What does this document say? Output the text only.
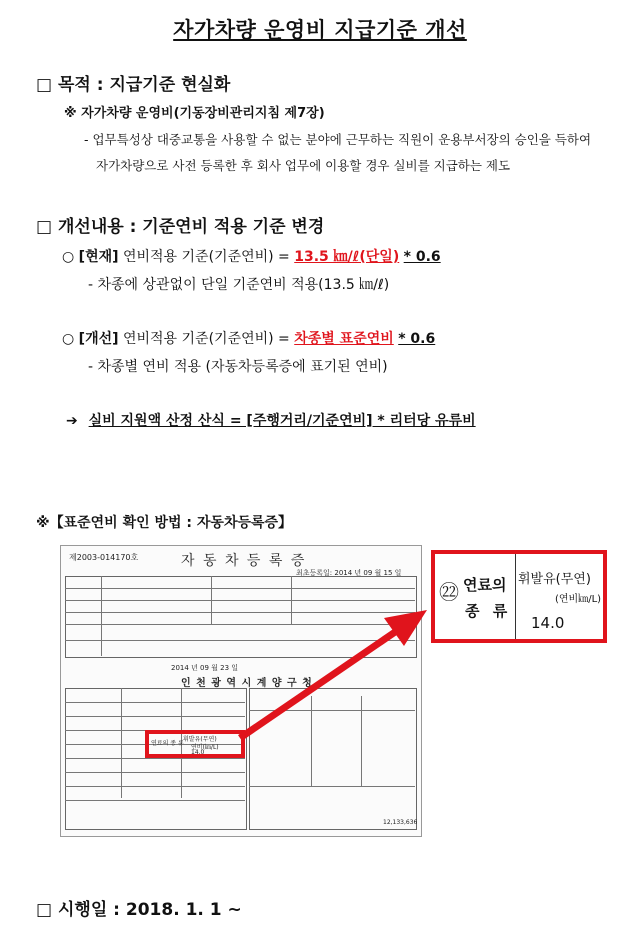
자가차량 운영비 지급기준 개선
□ 목적 : 지급기준 현실화
※ 자가차량 운영비(기동장비관리지침 제7장)
- 업무특성상 대중교통을 사용할 수 없는 분야에 근무하는 직원이 운용부서장의 승인을 득하여
자가차량으로 사전 등록한 후 회사 업무에 이용할 경우 실비를 지급하는 제도
□ 개선내용 : 기준연비 적용 기준 변경
○ [현재] 연비적용 기준(기준연비) = 13.5 ㎞/ℓ(단일) * 0.6
- 차종에 상관없이 단일 기준연비 적용(13.5 ㎞/ℓ)
○ [개선] 연비적용 기준(기준연비) = 차종별 표준연비 * 0.6
- 차종별 연비 적용 (자동차등록증에 표기된 연비)
➔ 실비 지원액 산정 산식 = [주행거리/기준연비] * 리터당 유류비
※【표준연비 확인 방법 : 자동차등록증】
제2003-014170호	자 동 차 등 록 증
최초등록일: 2014 년 09 월 15 일
2014 년 09 월 23 일
인 천 광 역 시 계 양 구 청
연료의 종 류
휘발유(무연)
연비(㎞/L)
14.0
12,133,636
㉒ 연료의
종 류
휘발유(무연)
(연비㎞/L)
14.0
□ 시행일 : 2018. 1. 1 ~
